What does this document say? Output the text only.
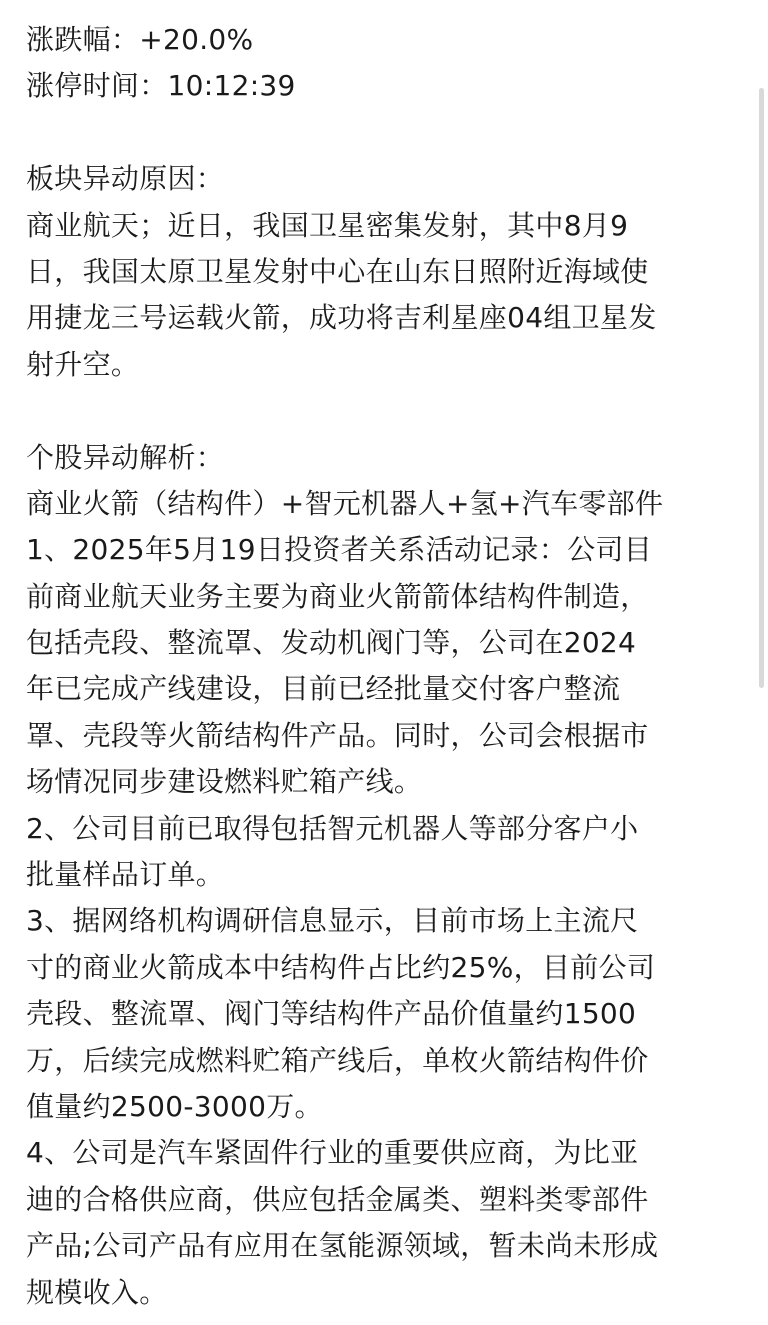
涨跌幅：+20.0%
涨停时间：10:12:39
板块异动原因：
商业航天；近日，我国卫星密集发射，其中8月9
日，我国太原卫星发射中心在山东日照附近海域使
用捷龙三号运载火箭，成功将吉利星座04组卫星发
射升空。
个股异动解析：
商业火箭（结构件）+智元机器人+氢+汽车零部件
1、2025年5月19日投资者关系活动记录：公司目
前商业航天业务主要为商业火箭箭体结构件制造，
包括壳段、整流罩、发动机阀门等，公司在2024
年已完成产线建设，目前已经批量交付客户整流
罩、壳段等火箭结构件产品。同时，公司会根据市
场情况同步建设燃料贮箱产线。
2、公司目前已取得包括智元机器人等部分客户小
批量样品订单。
3、据网络机构调研信息显示，目前市场上主流尺
寸的商业火箭成本中结构件占比约25%，目前公司
壳段、整流罩、阀门等结构件产品价值量约1500
万，后续完成燃料贮箱产线后，单枚火箭结构件价
值量约2500-3000万。
4、公司是汽车紧固件行业的重要供应商，为比亚
迪的合格供应商，供应包括金属类、塑料类零部件
产品;公司产品有应用在氢能源领域，暂未尚未形成
规模收入。
